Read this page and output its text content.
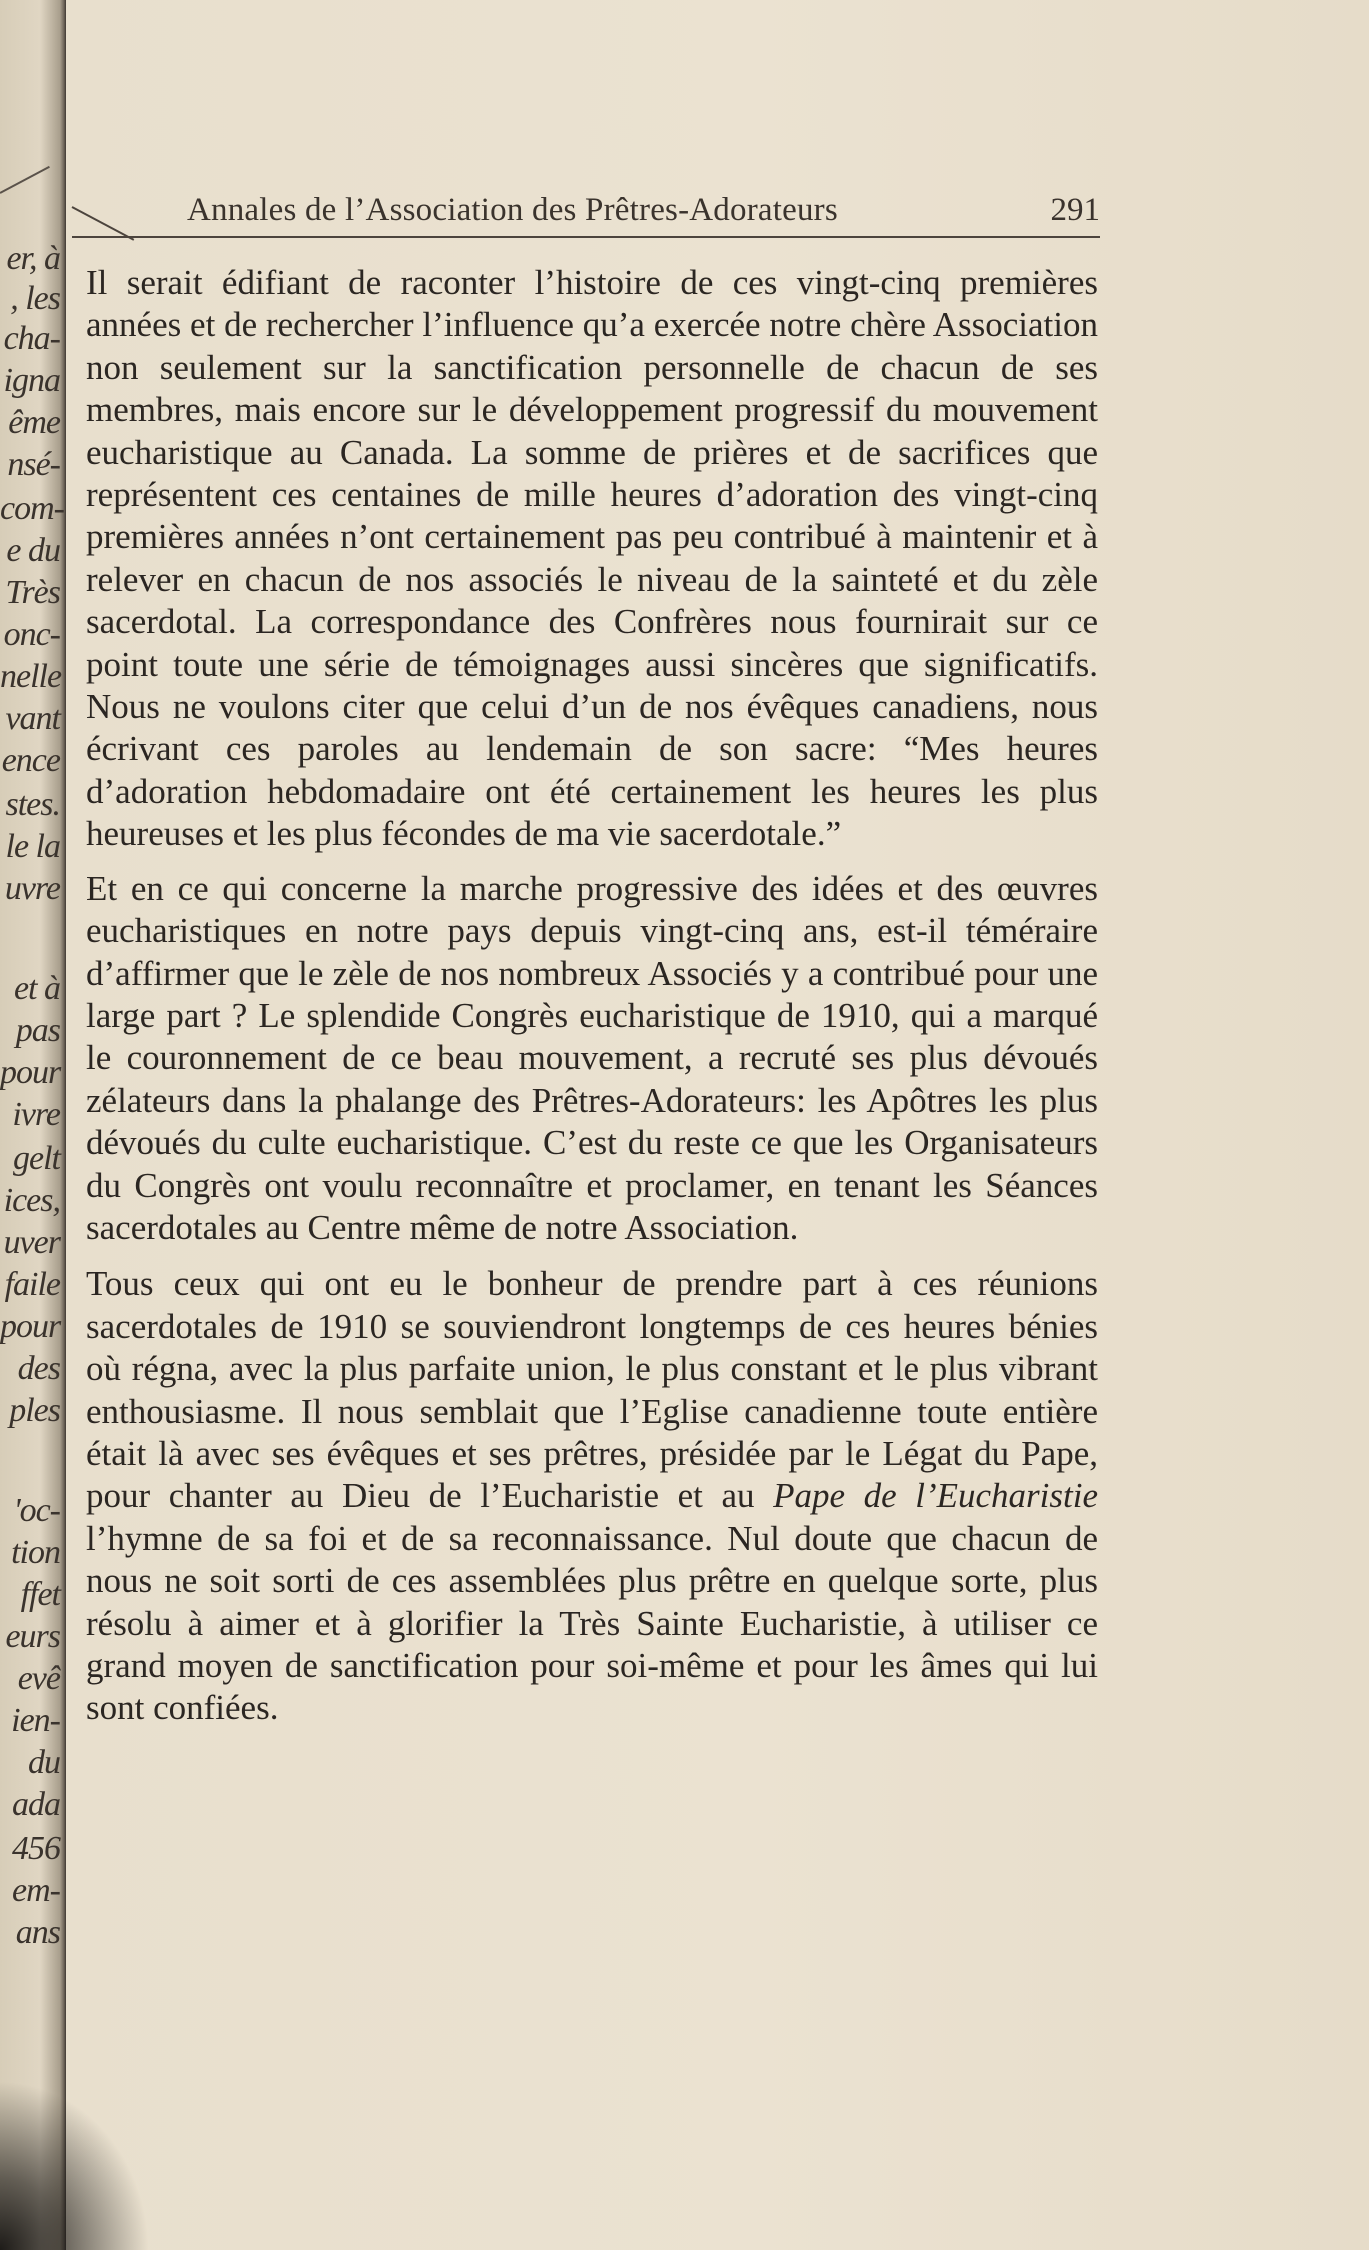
er, à
, les
cha-
igna
ême
nsé-
com-
e du
Très
onc-
nelle
vant
ence
stes.
le la
uvre
et à
pas
pour
ivre
gelt
ices,
uver
faile
pour
des
ples
'oc-
tion
ffet
eurs
evê
ien-
du
ada
456
em-
ans
Annales de l’Association des Prêtres-Adorateurs	291

Il serait édifiant de raconter l’histoire de ces vingt-cinq premières années et de rechercher l’influence qu’a exercée notre chère Association non seulement sur la sanctification personnelle de chacun de ses membres, mais encore sur le développement progressif du mouvement eucharistique au Canada. La somme de prières et de sacrifices que représentent ces centaines de mille heures d’adoration des vingt-cinq premières années n’ont certainement pas peu contribué à maintenir et à relever en chacun de nos associés le niveau de la sainteté et du zèle sacerdotal. La correspondance des Confrères nous fournirait sur ce point toute une série de témoignages aussi sincères que significatifs. Nous ne voulons citer que celui d’un de nos évêques canadiens, nous écrivant ces paroles au lendemain de son sacre: “Mes heures d’adoration hebdomadaire ont été certainement les heures les plus heureuses et les plus fécondes de ma vie sacerdotale.”

Et en ce qui concerne la marche progressive des idées et des œuvres eucharistiques en notre pays depuis vingt-cinq ans, est-il téméraire d’affirmer que le zèle de nos nombreux Associés y a contribué pour une large part ? Le splendide Congrès eucharistique de 1910, qui a marqué le couronnement de ce beau mouvement, a recruté ses plus dévoués zélateurs dans la phalange des Prêtres-Adorateurs: les Apôtres les plus dévoués du culte eucharistique. C’est du reste ce que les Organisateurs du Congrès ont voulu reconnaître et proclamer, en tenant les Séances sacerdotales au Centre même de notre Association.

Tous ceux qui ont eu le bonheur de prendre part à ces réunions sacerdotales de 1910 se souviendront longtemps de ces heures bénies où régna, avec la plus parfaite union, le plus constant et le plus vibrant enthousiasme. Il nous semblait que l’Eglise canadienne toute entière était là avec ses évêques et ses prêtres, présidée par le Légat du Pape, pour chanter au Dieu de l’Eucharistie et au Pape de l’Eucharistie l’hymne de sa foi et de sa reconnaissance. Nul doute que chacun de nous ne soit sorti de ces assemblées plus prêtre en quelque sorte, plus résolu à aimer et à glorifier la Très Sainte Eucharistie, à utiliser ce grand moyen de sanctification pour soi-même et pour les âmes qui lui sont confiées.
